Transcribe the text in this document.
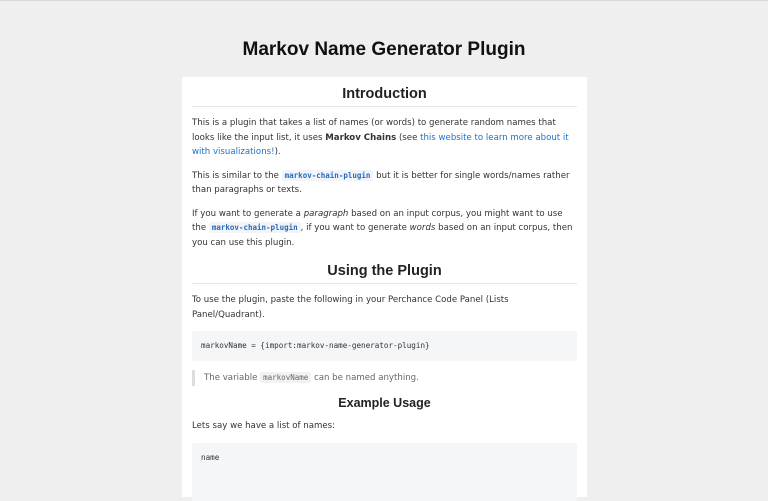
Markov Name Generator Plugin
Introduction

This is a plugin that takes a list of names (or words) to generate random names that looks like the input list, it uses Markov Chains (see this website to learn more about it with visualizations!).

This is similar to the markov-chain-plugin but it is better for single words/names rather than paragraphs or texts.

If you want to generate a paragraph based on an input corpus, you might want to use the markov-chain-plugin , if you want to generate words based on an input corpus, then you can use this plugin.

Using the Plugin

To use the plugin, paste the following in your Perchance Code Panel (Lists Panel/Quadrant).

markovName = {import:markov-name-generator-plugin}
The variable markovName can be named anything.
Example Usage

Lets say we have a list of names:

name
